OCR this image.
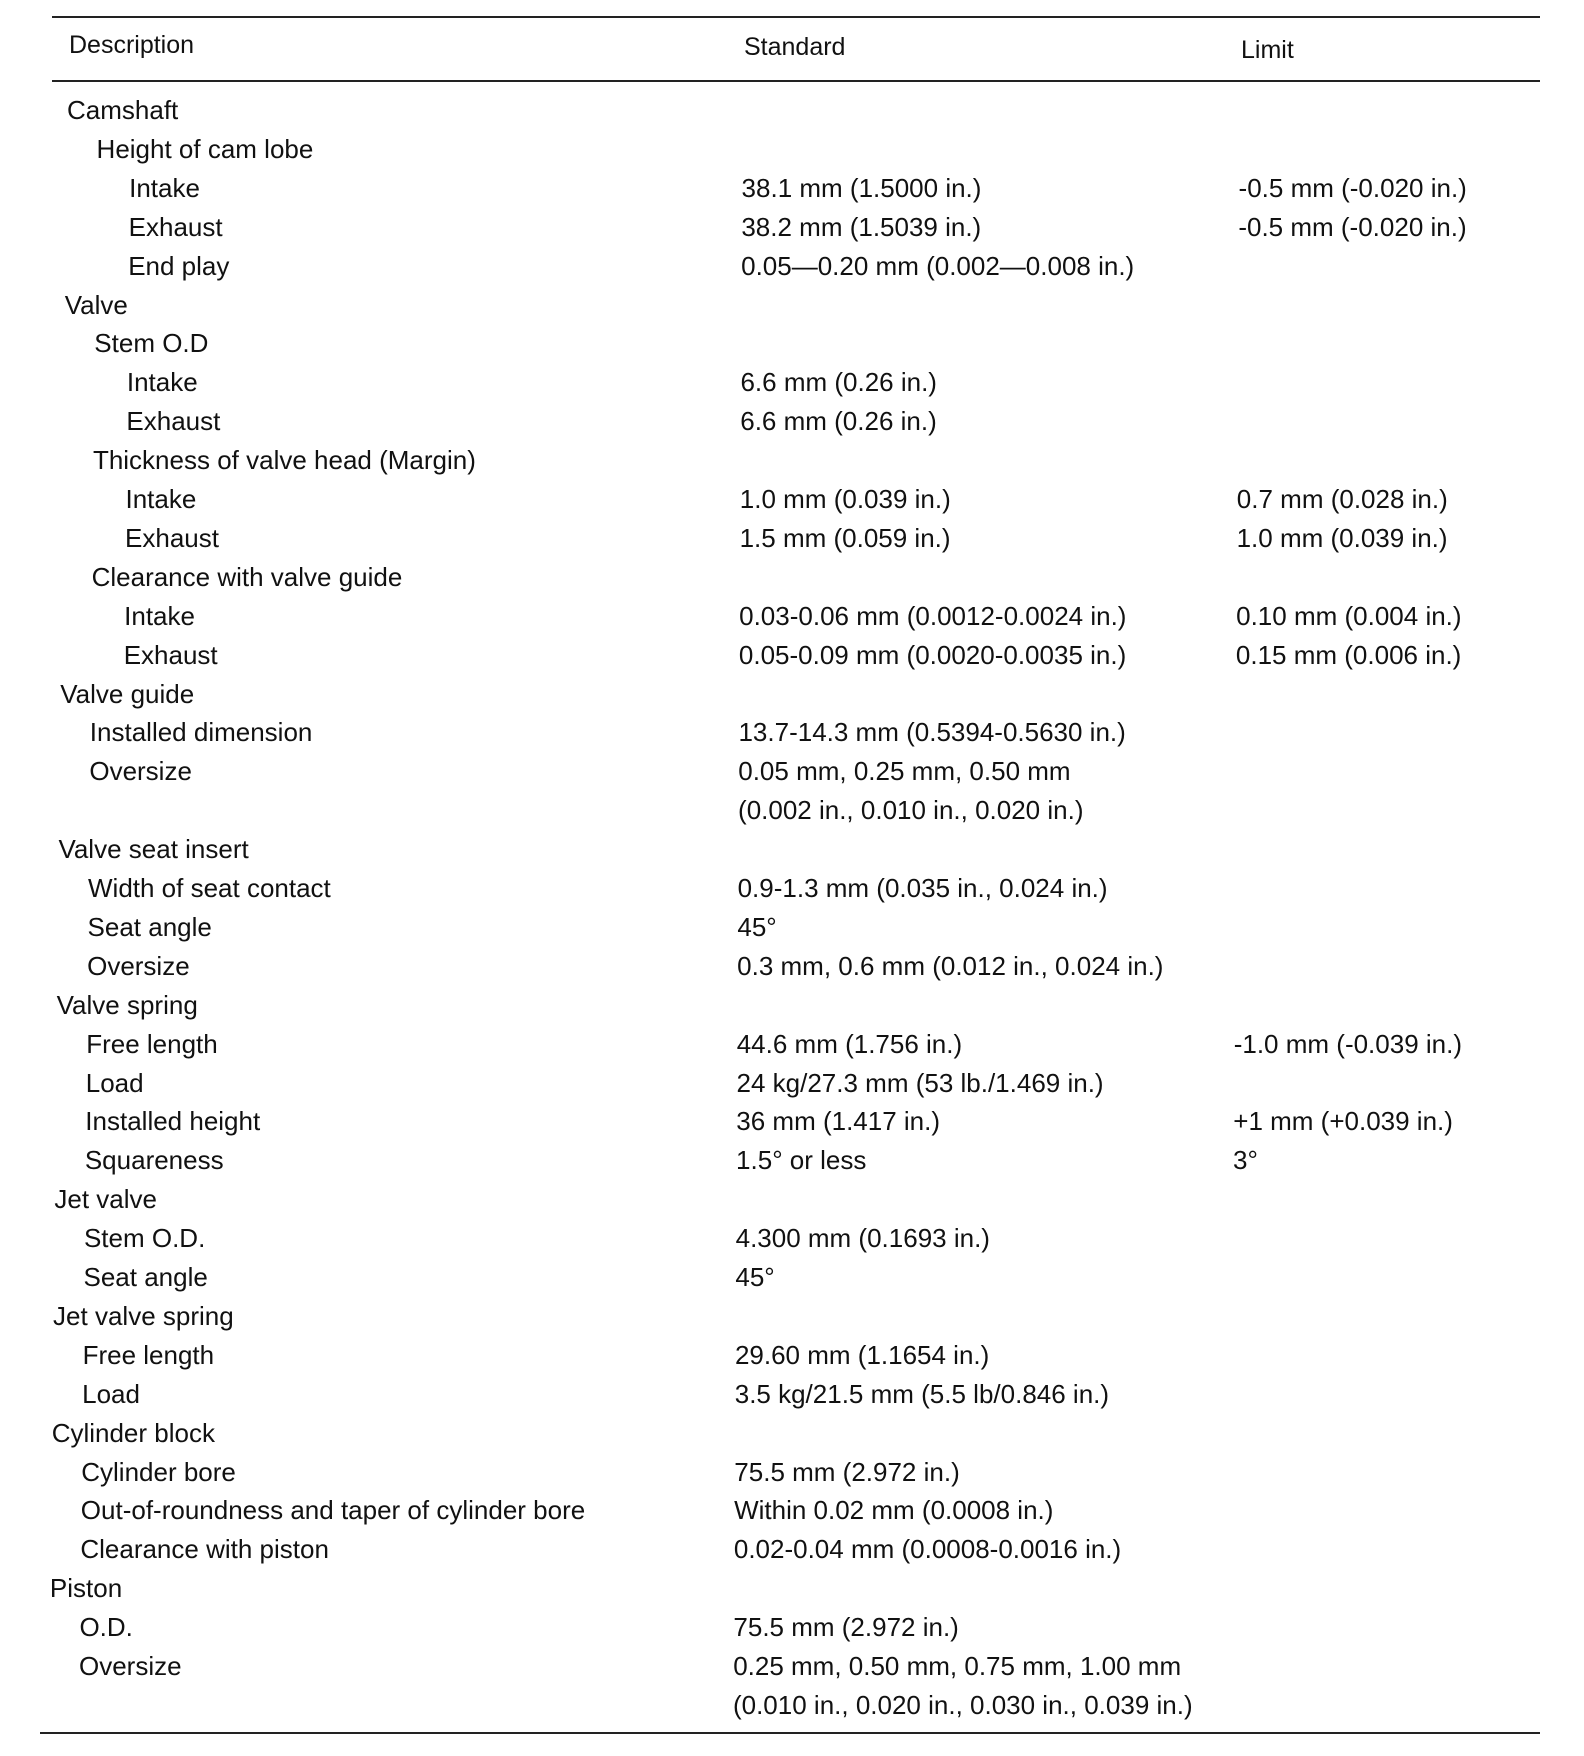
Description	Standard	Limit
Camshaft
Height of cam lobe
Intake	38.1 mm (1.5000 in.)	-0.5 mm (-0.020 in.)
Exhaust	38.2 mm (1.5039 in.)	-0.5 mm (-0.020 in.)
End play	0.05—0.20 mm (0.002—0.008 in.)
Valve
Stem O.D
Intake	6.6 mm (0.26 in.)
Exhaust	6.6 mm (0.26 in.)
Thickness of valve head (Margin)
Intake	1.0 mm (0.039 in.)	0.7 mm (0.028 in.)
Exhaust	1.5 mm (0.059 in.)	1.0 mm (0.039 in.)
Clearance with valve guide
Intake	0.03-0.06 mm (0.0012-0.0024 in.)	0.10 mm (0.004 in.)
Exhaust	0.05-0.09 mm (0.0020-0.0035 in.)	0.15 mm (0.006 in.)
Valve guide
Installed dimension	13.7-14.3 mm (0.5394-0.5630 in.)
Oversize	0.05 mm, 0.25 mm, 0.50 mm
(0.002 in., 0.010 in., 0.020 in.)
Valve seat insert
Width of seat contact	0.9-1.3 mm (0.035 in., 0.024 in.)
Seat angle	45°
Oversize	0.3 mm, 0.6 mm (0.012 in., 0.024 in.)
Valve spring
Free length	44.6 mm (1.756 in.)	-1.0 mm (-0.039 in.)
Load	24 kg/27.3 mm (53 lb./1.469 in.)
Installed height	36 mm (1.417 in.)	+1 mm (+0.039 in.)
Squareness	1.5° or less	3°
Jet valve
Stem O.D.	4.300 mm (0.1693 in.)
Seat angle	45°
Jet valve spring
Free length	29.60 mm (1.1654 in.)
Load	3.5 kg/21.5 mm (5.5 lb/0.846 in.)
Cylinder block
Cylinder bore	75.5 mm (2.972 in.)
Out-of-roundness and taper of cylinder bore	Within 0.02 mm (0.0008 in.)
Clearance with piston	0.02-0.04 mm (0.0008-0.0016 in.)
Piston
O.D.	75.5 mm (2.972 in.)
Oversize	0.25 mm, 0.50 mm, 0.75 mm, 1.00 mm
(0.010 in., 0.020 in., 0.030 in., 0.039 in.)
